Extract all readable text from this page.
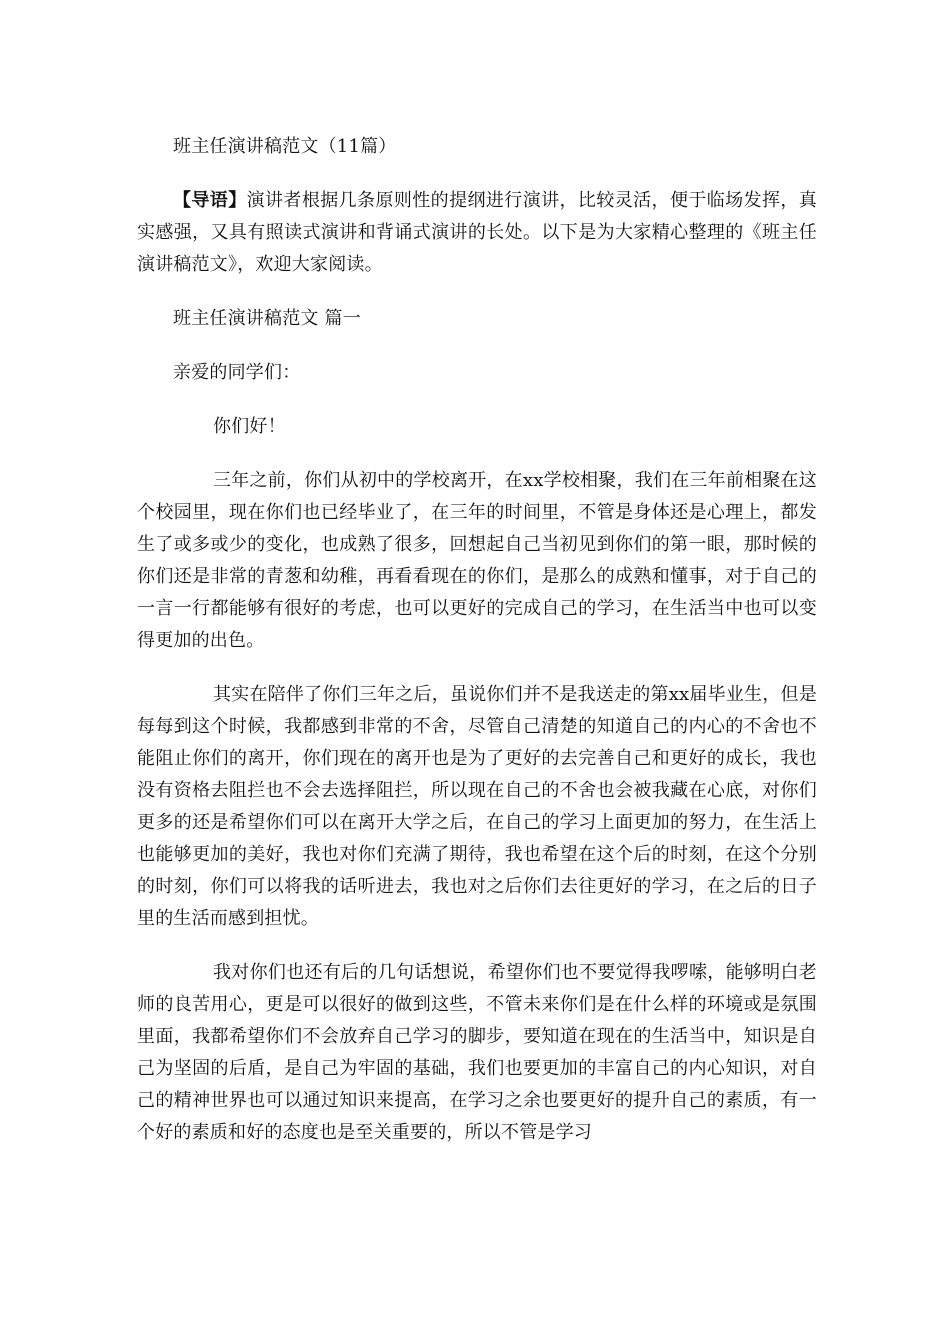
班主任演讲稿范文（11篇）

【导语】演讲者根据几条原则性的提纲进行演讲，比较灵活，便于临场发挥，真实感强，又具有照读式演讲和背诵式演讲的长处。以下是为大家精心整理的《班主任演讲稿范文》，欢迎大家阅读。

班主任演讲稿范文 篇一

亲爱的同学们：

你们好！

三年之前，你们从初中的学校离开，在xx学校相聚，我们在三年前相聚在这个校园里，现在你们也已经毕业了，在三年的时间里，不管是身体还是心理上，都发生了或多或少的变化，也成熟了很多，回想起自己当初见到你们的第一眼，那时候的你们还是非常的青葱和幼稚，再看看现在的你们，是那么的成熟和懂事，对于自己的一言一行都能够有很好的考虑，也可以更好的完成自己的学习，在生活当中也可以变得更加的出色。

其实在陪伴了你们三年之后，虽说你们并不是我送走的第xx届毕业生，但是每每到这个时候，我都感到非常的不舍，尽管自己清楚的知道自己的内心的不舍也不能阻止你们的离开，你们现在的离开也是为了更好的去完善自己和更好的成长，我也没有资格去阻拦也不会去选择阻拦，所以现在自己的不舍也会被我藏在心底，对你们更多的还是希望你们可以在离开大学之后，在自己的学习上面更加的努力，在生活上也能够更加的美好，我也对你们充满了期待，我也希望在这个后的时刻，在这个分别的时刻，你们可以将我的话听进去，我也对之后你们去往更好的学习，在之后的日子里的生活而感到担忧。

我对你们也还有后的几句话想说，希望你们也不要觉得我啰嗦，能够明白老师的良苦用心，更是可以很好的做到这些，不管未来你们是在什么样的环境或是氛围里面，我都希望你们不会放弃自己学习的脚步，要知道在现在的生活当中，知识是自己为坚固的后盾，是自己为牢固的基础，我们也要更加的丰富自己的内心知识，对自己的精神世界也可以通过知识来提高，在学习之余也要更好的提升自己的素质，有一个好的素质和好的态度也是至关重要的，所以不管是学习
